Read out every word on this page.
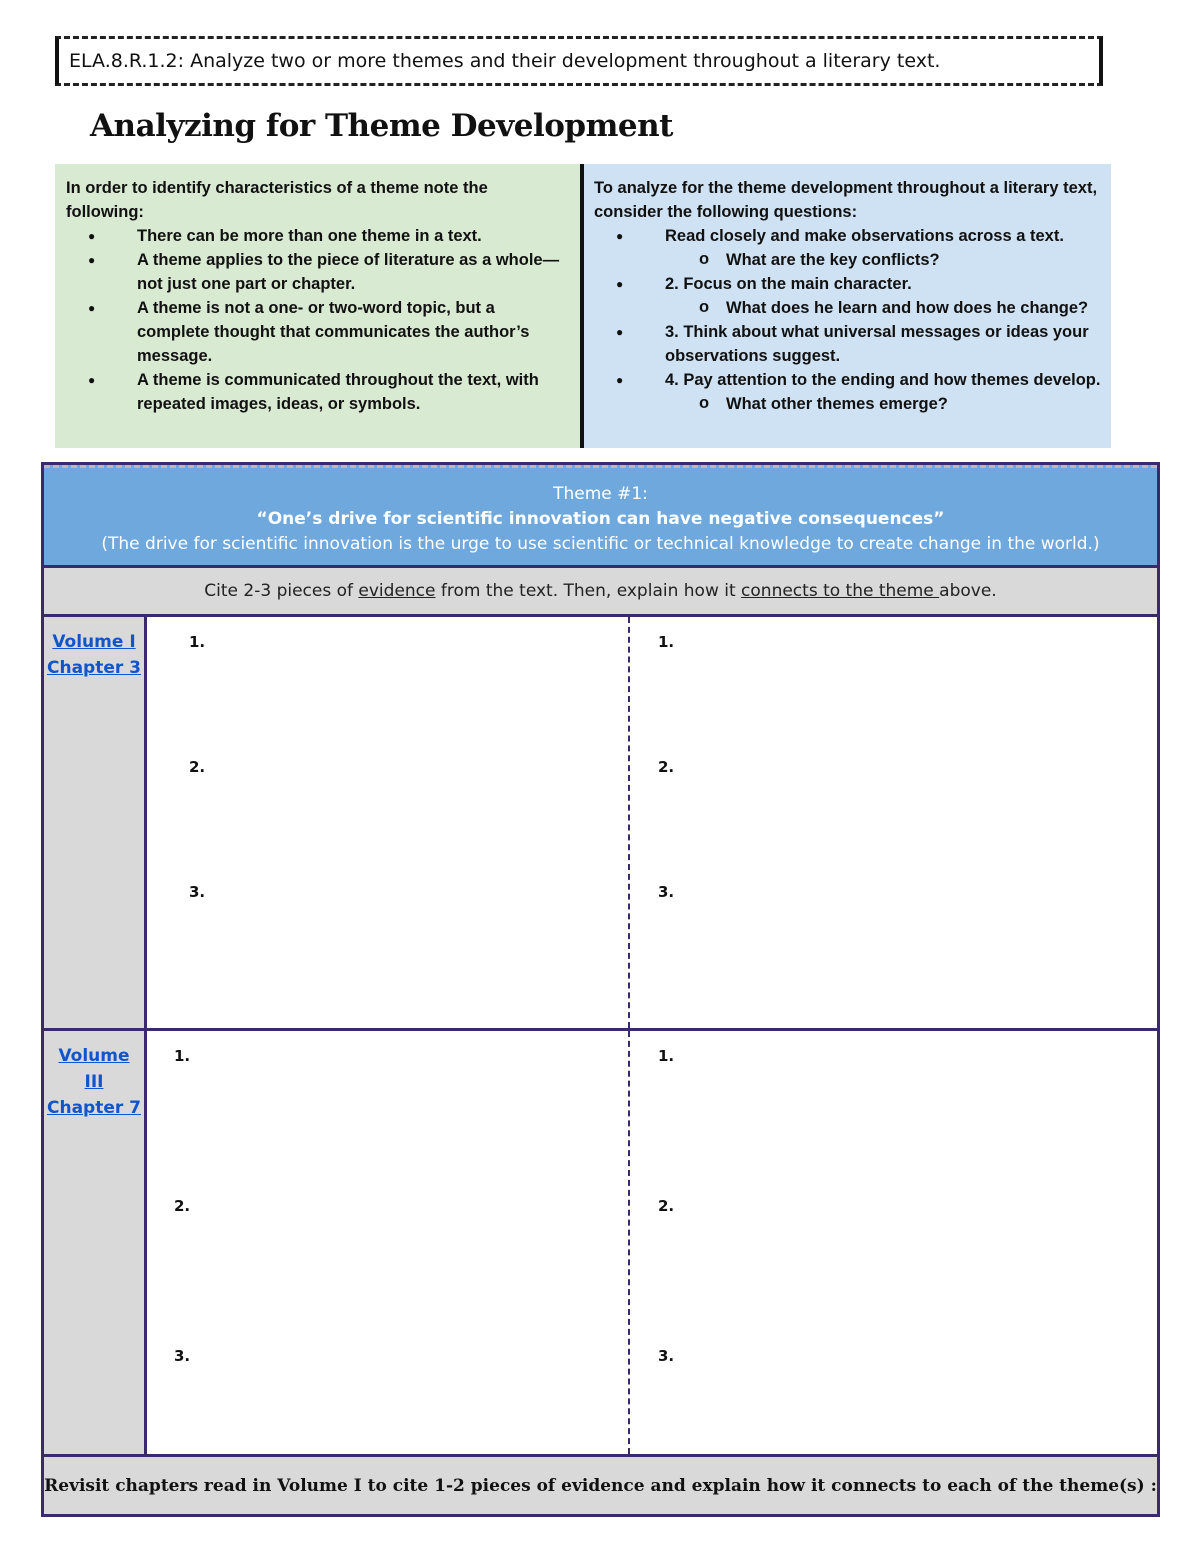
ELA.8.R.1.2: Analyze two or more themes and their development throughout a literary text.
Analyzing for Theme Development
In order to identify characteristics of a theme note the following:
● There can be more than one theme in a text.
● A theme applies to the piece of literature as a whole—not just one part or chapter.
● A theme is not a one- or two-word topic, but a complete thought that communicates the author’s message.
● A theme is communicated throughout the text, with repeated images, ideas, or symbols.
To analyze for the theme development throughout a literary text, consider the following questions:
● Read closely and make observations across a text.
o What are the key conflicts?
● 2. Focus on the main character.
o What does he learn and how does he change?
● 3. Think about what universal messages or ideas your observations suggest.
● 4. Pay attention to the ending and how themes develop.
o What other themes emerge?
Theme #1:
“One’s drive for scientific innovation can have negative consequences”
(The drive for scientific innovation is the urge to use scientific or technical knowledge to create change in the world.)
Cite 2-3 pieces of evidence from the text. Then, explain how it connects to the theme above.
Volume I
Chapter 3
1.
2.
3.
1.
2.
3.
Volume
III
Chapter 7
1.
2.
3.
1.
2.
3.
Revisit chapters read in Volume I to cite 1-2 pieces of evidence and explain how it connects to each of the theme(s) :
